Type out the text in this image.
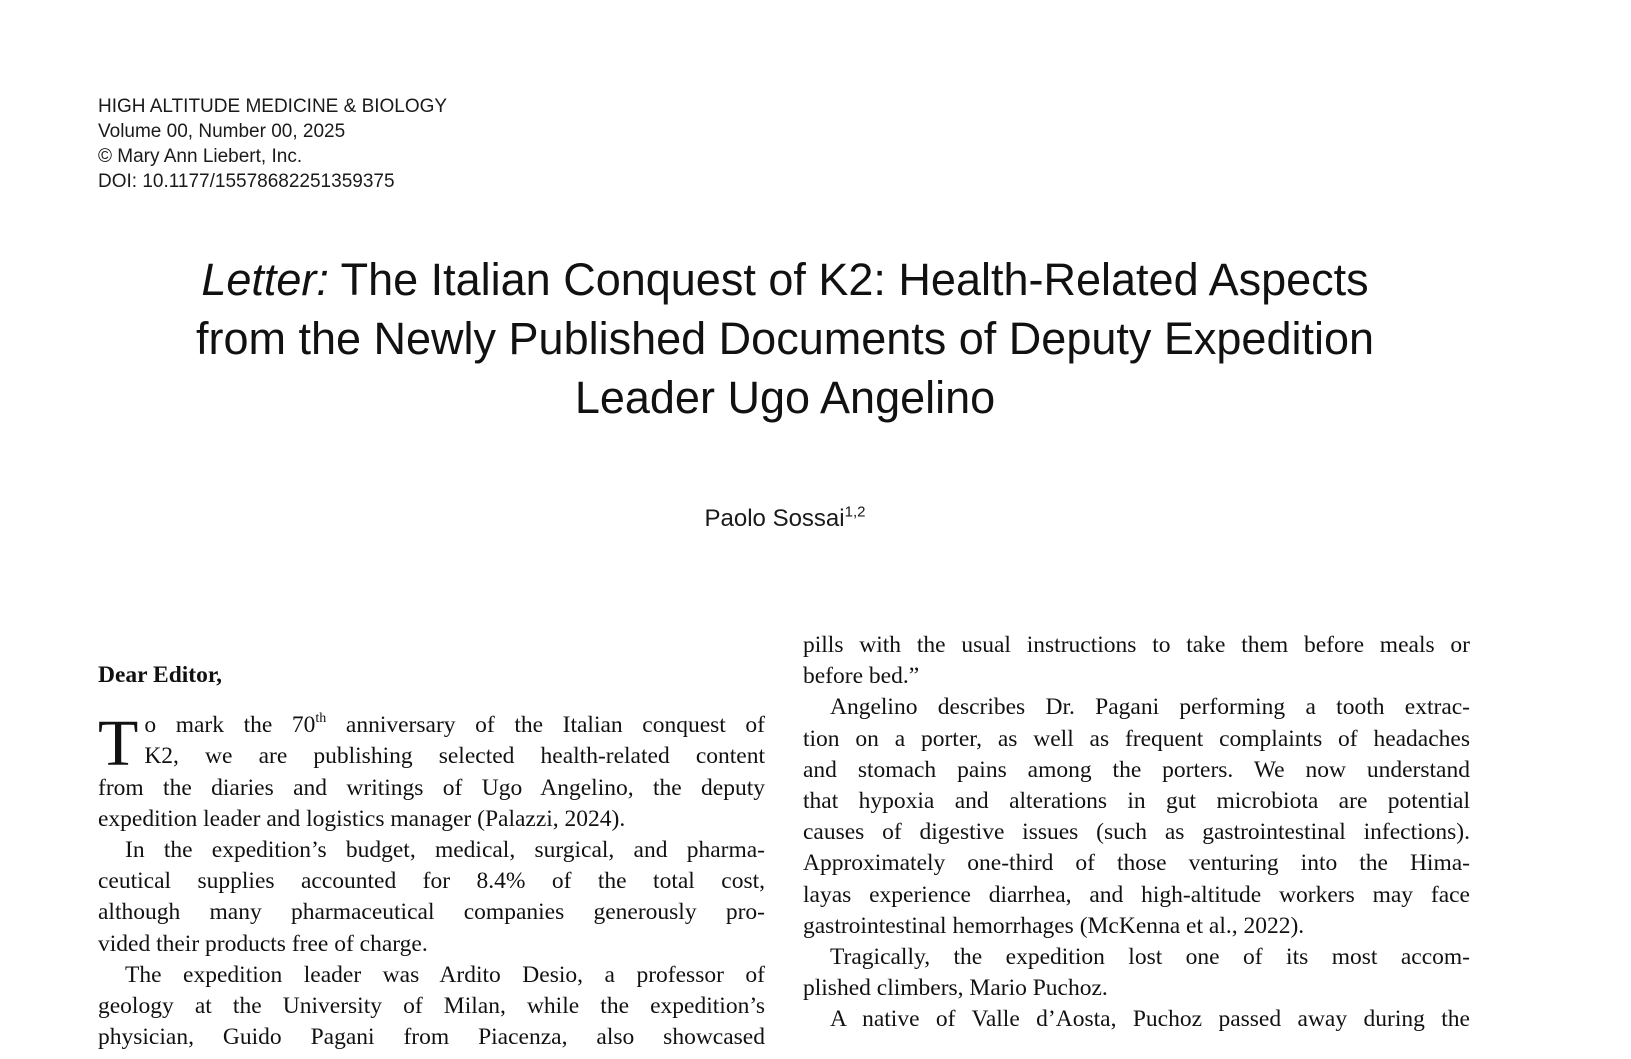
HIGH ALTITUDE MEDICINE & BIOLOGY
Volume 00, Number 00, 2025
© Mary Ann Liebert, Inc.
DOI: 10.1177/15578682251359375
Letter: The Italian Conquest of K2: Health-Related Aspects
from the Newly Published Documents of Deputy Expedition
Leader Ugo Angelino
Paolo Sossai$^{1,2}$
Dear Editor,
T o mark the 70th anniversary of the Italian conquest of
K2, we are publishing selected health-related content
from the diaries and writings of Ugo Angelino, the deputy
expedition leader and logistics manager (Palazzi, 2024).
In the expedition’s budget, medical, surgical, and pharma-
ceutical supplies accounted for 8.4% of the total cost,
although many pharmaceutical companies generously pro-
vided their products free of charge.
The expedition leader was Ardito Desio, a professor of
geology at the University of Milan, while the expedition’s
physician, Guido Pagani from Piacenza, also showcased
pills with the usual instructions to take them before meals or
before bed.”
Angelino describes Dr. Pagani performing a tooth extrac-
tion on a porter, as well as frequent complaints of headaches
and stomach pains among the porters. We now understand
that hypoxia and alterations in gut microbiota are potential
causes of digestive issues (such as gastrointestinal infections).
Approximately one-third of those venturing into the Hima-
layas experience diarrhea, and high-altitude workers may face
gastrointestinal hemorrhages (McKenna et al., 2022).
Tragically, the expedition lost one of its most accom-
plished climbers, Mario Puchoz.
A native of Valle d’Aosta, Puchoz passed away during the
